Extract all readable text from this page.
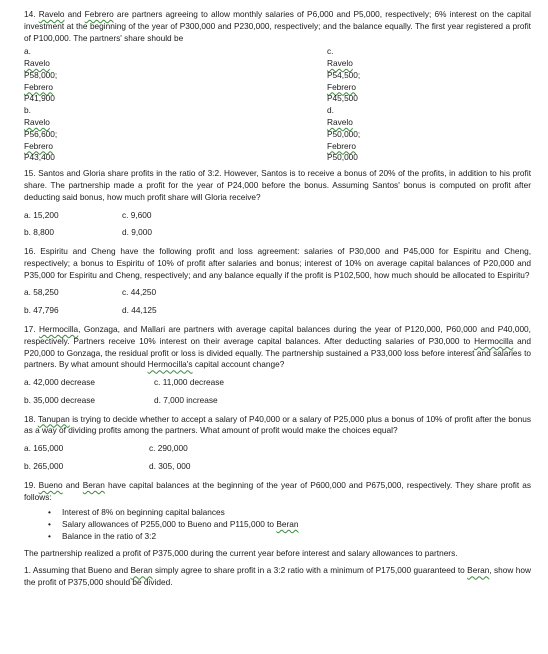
14. Ravelo and Febrero are partners agreeing to allow monthly salaries of P6,000 and P5,000, respectively; 6% interest on the capital investment at the beginning of the year of P300,000 and P230,000, respectively; and the balance equally. The first year registered a profit of P100,000. The partners' share should be

a.
Ravelo
P58,000;
Febrero
P41,900
c.
Ravelo
P54,500;
Febrero
P45,500
b.
Ravelo
P56,600;
Febrero
P43,400
d.
Ravelo
P50,000;
Febrero
P50,000

15. Santos and Gloria share profits in the ratio of 3:2. However, Santos is to receive a bonus of 20% of the profits, in addition to his profit share. The partnership made a profit for the year of P24,000 before the bonus. Assuming Santos' bonus is computed on profit after deducting said bonus, how much profit share will Gloria receive?

a. 15,200	c. 9,600
b. 8,800	d. 9,000

16. Espiritu and Cheng have the following profit and loss agreement: salaries of P30,000 and P45,000 for Espiritu and Cheng, respectively; a bonus to Espiritu of 10% of profit after salaries and bonus; interest of 10% on average capital balances of P20,000 and P35,000 for Espiritu and Cheng, respectively; and any balance equally if the profit is P102,500, how much should be allocated to Espiritu?

a. 58,250	c. 44,250
b. 47,796	d. 44,125

17. Hermocilla, Gonzaga, and Mallari are partners with average capital balances during the year of P120,000, P60,000 and P40,000, respectively. Partners receive 10% interest on their average capital balances. After deducting salaries of P30,000 to Hermocilla and P20,000 to Gonzaga, the residual profit or loss is divided equally. The partnership sustained a P33,000 loss before interest and salaries to partners. By what amount should Hermocilla's capital account change?

a. 42,000 decrease	c. 11,000 decrease
b. 35,000 decrease	d. 7,000 increase

18. Tanupan is trying to decide whether to accept a salary of P40,000 or a salary of P25,000 plus a bonus of 10% of profit after the bonus as a way of dividing profits among the partners. What amount of profit would make the choices equal?

a. 165,000	c. 290,000
b. 265,000	d. 305, 000

19. Bueno and Beran have capital balances at the beginning of the year of P600,000 and P675,000, respectively. They share profit as follows:

• Interest of 8% on beginning capital balances
• Salary allowances of P255,000 to Bueno and P115,000 to Beran
• Balance in the ratio of 3:2

The partnership realized a profit of P375,000 during the current year before interest and salary allowances to partners.

1. Assuming that Bueno and Beran simply agree to share profit in a 3:2 ratio with a minimum of P175,000 guaranteed to Beran, show how the profit of P375,000 should be divided.
